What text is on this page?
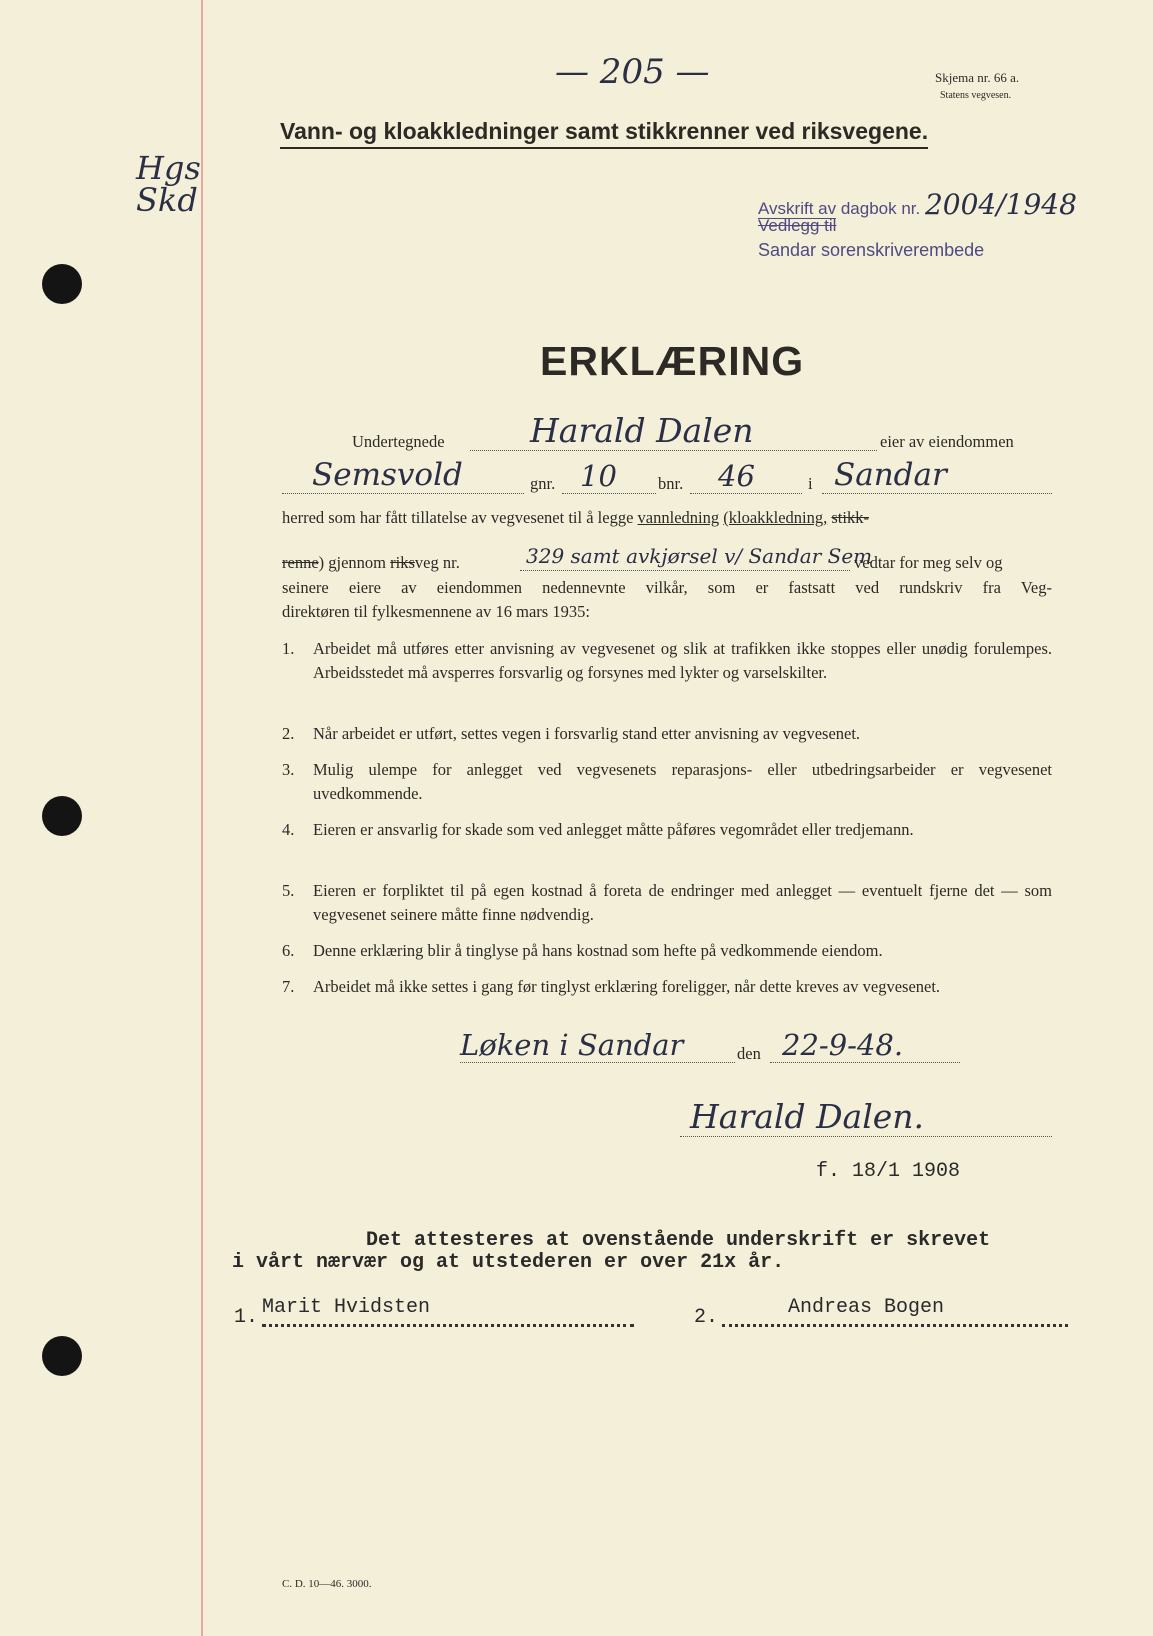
— 205 —	Skjema nr. 66 a.
Statens vegvesen.
Vann- og kloakkledninger samt stikkrenner ved riksvegene.
Hgs Skd	Avskrift av dagbok nr. 2004/1948
Vedlegg til
Sandar sorenskriverembede
ERKLÆRING
Undertegnede	Harald Dalen	eier av eiendommen
Semsvold	gnr. 10 bnr. 46	i Sandar
herred som har fått tillatelse av vegvesenet til å legge vannledning (kloakkledning, stikk-
renne) gjennom riksveg nr.	329 samt avkjørsel v/ Sandar Sem
vedtar for meg selv og
seinere eiere av eiendommen nedennevnte vilkår, som er fastsatt ved rundskriv fra Veg-
direktøren til fylkesmennene av 16 mars 1935:
1. Arbeidet må utføres etter anvisning av vegvesenet og slik at trafikken ikke stoppes eller unødig forulempes. Arbeidsstedet må avsperres forsvarlig og forsynes med lykter og varselskilter.
2. Når arbeidet er utført, settes vegen i forsvarlig stand etter anvisning av vegvesenet.
3. Mulig ulempe for anlegget ved vegvesenets reparasjons- eller utbedringsarbeider er vegvesenet uvedkommende.
4. Eieren er ansvarlig for skade som ved anlegget måtte påføres vegområdet eller tredjemann.
5. Eieren er forpliktet til på egen kostnad å foreta de endringer med anlegget — eventuelt fjerne det — som vegvesenet seinere måtte finne nødvendig.
6. Denne erklæring blir å tinglyse på hans kostnad som hefte på vedkommende eiendom.
7. Arbeidet må ikke settes i gang før tinglyst erklæring foreligger, når dette kreves av vegvesenet.
Løken i Sandar	den 22-9-48.
Harald Dalen.
f. 18/1 1908
Det attesteres at ovenstående underskrift er skrevet
i vårt nærvær og at utstederen er over 21x år.
1. Marit Hvidsten	2.	Andreas Bogen
C. D. 10—46. 3000.
